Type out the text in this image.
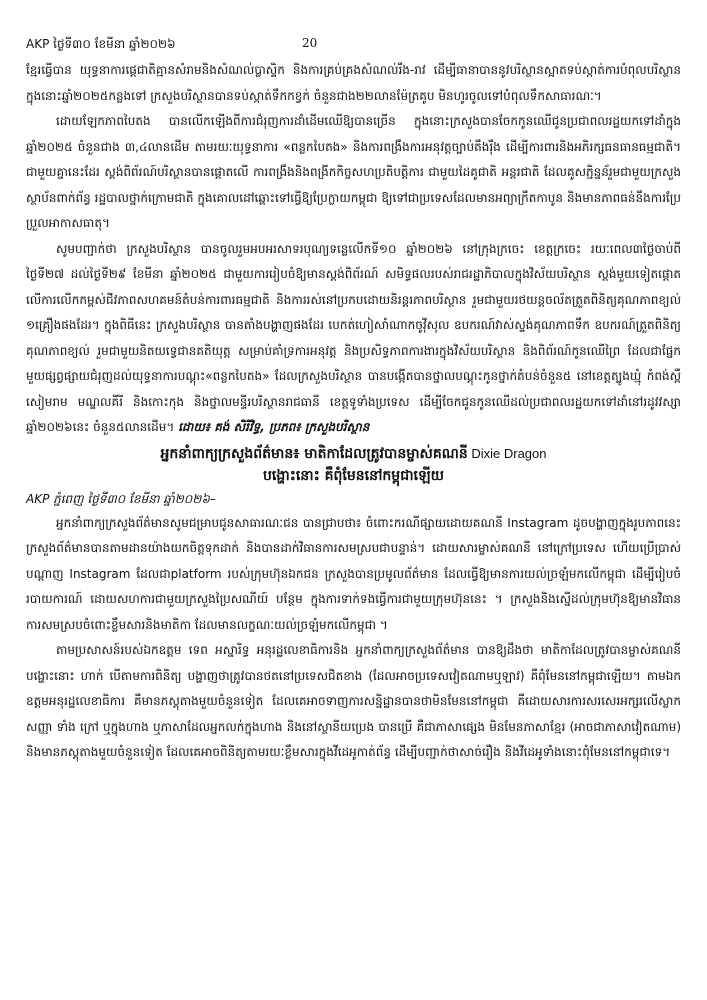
AKP ថ្ងៃទី៣០ ខែមីនា ឆ្នាំ២០២៦	20

ខ្មែរធ្វើបាន យុទ្ធនាការផ្ដេជាតិគ្មានសំរាមនិងសំណល់ប្លាស្ទិក និងការគ្រប់គ្រងសំណល់រឹង-រាវ ដើម្បីធានាបាននូវបរិស្ថានស្អាតទប់ស្កាត់ការបំពុលបរិស្ថាន ក្នុងនោះឆ្នាំ២០២៥កន្លងទៅ ក្រសួងបរិស្ថានបានទប់ស្កាត់ទឹកកខ្វក់ ចំនួនជាង២២លានម៉ែត្រគូប មិនហូរចូលទៅបំពុលទឹកសាធារណៈ។

ដោយឡែកភាពបៃតង បានលើកឡើងពីការជំរុញការដាំដើមឈើឱ្យបានច្រើន ក្នុងនោះក្រសួងបានចែកកូនឈើជូនប្រជាពលរដ្ឋយកទៅដាំក្នុងឆ្នាំ២០២៥ ចំនួនជាង ៣,៤លានដើម តាមរយៈយុទ្ធនាការ «ពន្លកបៃតង» និងការពង្រឹងការអនុវត្តច្បាប់តឹងរ៉ឹង ដើម្បីការពារនិងអភិរក្សធនធានធម្មជាតិ។ ជាមួយគ្នានេះដែរ ស្ដង់ពិព័រណ៍បរិស្ថានបានផ្ដោតលើ ការពង្រឹងនិងពង្រីកកិច្ចសហប្រតិបត្តិការ ជាមួយដៃគូជាតិ អន្តរជាតិ ដែលគូសភ្ជិន្នន័រួមជាមួយក្រសួង ស្ថាប័នពាក់ព័ន្ធ រដ្ឋបាលថ្នាក់ក្រោមជាតិ ក្នុងគោលដៅឆ្ពោះទៅធ្វើឱ្យប្រែក្លាយកម្ពុជា ឱ្យទៅជាប្រទេសដែលមានអព្យាក្រឹតកាបូន និងមានភាពធន់នឹងការប្រែប្រួលអាកាសធាតុ។

សូមបញ្ជាក់ថា ក្រសួងបរិស្ថាន បានចូលរួមអបអរសាទរបុណ្យទន្លេលើកទី១០ ឆ្នាំ២០២៦ នៅក្រុងក្រចេះ ខេត្តក្រចេះ រយៈពេល៣ថ្ងៃចាប់ពីថ្ងៃទី២៧ ដល់ថ្ងៃទី២៩ ខែមីនា ឆ្នាំ២០២៥ ជាមួយការរៀបចំឱ្យមានស្តង់ពិព័រណ៍ សមិទ្ធផលរបស់រាជរដ្ឋាភិបាលក្នុងវិស័យបរិស្ថាន ស្តង់មួយទៀតផ្តោតលើការលើកកម្ពស់ជីវភាពសហគមន៍តំបន់ការពារធម្មជាតិ និងការរស់នៅប្រកបដោយនិរន្តរភាពបរិស្ថាន រួមជាមួយរថយន្តចល័តត្រួតពិនិត្យគុណភាពខ្យល់ ១គ្រឿងផងដែរ។ ក្នុងពិធីនេះ ក្រសួងបរិស្ថាន បានតាំងបង្ហាញផងដែរ បេកត់ហៀសាំណាកចូវ៉ីសុល ឧបករណ៍វាស់ស្ទង់គុណភាពទឹក ឧបករណ៍ត្រួតពិនិត្យគុណភាពខ្យល់ រួមជាមួយនិតយទ្វេជានគតិយុត្ត សម្រាប់គាំទ្រការអនុវត្ត និងប្រសិទ្ធភាពការងារក្នុងវិស័យបរិស្ថាន និងពិព័រណ៍កូនឈើព្រៃ ដែលជាផ្នែកមួយផ្សព្វផ្សាយជំរុញដល់យុទ្ធនាការបណ្ដុះ«ពន្លកបៃតង» ដែលក្រសួងបរិស្ថាន បានបង្កើតបានថ្នាលបណ្ដុះកូនថ្នាក់តំបន់ចំនួន៥ នៅខេត្តត្បូងឃ្មុំ កំពង់ស្ពឺ សៀមរាម មណ្ឌលគីរី និងកោះកុង និងថ្នាលមន្ទីរបរិស្ថានរាជធានី ខេត្តទូទាំងប្រទេស ដើម្បីចែកជូនកូនឈើដល់ប្រជាពលរដ្ឋយកទៅដាំនៅរដូវវស្សាឆ្នាំ២០២៦នេះ ចំនួន៥លានដើម។ ដោយ៖ គង់ សិរីវិទ្ធ, ប្រភព៖ ក្រសួងបរិស្ថាន

អ្នកនាំពាក្យក្រសួងព័ត៌មាន៖ មាតិកាដែលត្រូវបានម្ចាស់គណនី Dixie Dragon
បង្ហោះនោះ គឺពុំមែននៅកម្ពុជាឡើយ
AKP ភ្នំពេញ ថ្ងៃទី៣០ ខែមីនា ឆ្នាំ២០២៦–

អ្នកនាំពាក្យក្រសួងព័ត៌មានសូមជម្រាបជូនសាធារណៈជន បានជ្រាបថា៖ ចំពោះករណីផ្សាយដោយគណនី Instagram ដូចបង្ហាញក្នុងរូបភាពនេះ ក្រសួងព័ត៌មានបានតាមដានយ៉ាងយកចិត្តទុកដាក់ និងបានដាក់វិធានការសមស្របជាបន្ទាន់។ ដោយសារម្ចាស់គណនី នៅក្រៅប្រទេស ហើយប្រើប្រាស់បណ្តាញ Instagram ដែលជាplatform របស់ក្រុមហ៊ុនឯកជន ក្រសួងបានប្រមូលព័ត៌មាន ដែលធ្វើឱ្យមានការយល់ច្រឡំមកលើកម្ពុជា ដើម្បីរៀបចំរបាយការណ៍ ដោយសហការជាមួយក្រសួងប្រៃសណីយ៍ បន្ថែម ក្នុងការទាក់ទងធ្វើការជាមួយក្រុមហ៊ុននេះ ។ ក្រសួងនិងស្នើដល់ក្រុមហ៊ុនឱ្យមានវិធានការសមស្របចំពោះខ្លឹមសារនិងមាតិកា ដែលមានលក្ខណៈយល់ច្រឡំមកលើកម្ពុជា ។

តាមប្រសាសន៍របស់ឯកឧត្តម ទេព អស្នារិទ្ធ អនុរដ្ឋលេខាធិការនិង អ្នកនាំពាក្យក្រសួងព័ត៌មាន បានឱ្យដឹងថា មាតិកាដែលត្រូវបានម្ចាស់គណនីបង្ហោះនោះ ហាក់ បើតាមការពិនិត្យ បង្ហាញថាត្រូវបានថតនៅប្រទេសជិតខាង (ដែលអាចប្រទេសវៀតណាមឬឡាវ) គឺពុំមែននៅកម្ពុជាឡើយ។ តាមឯកឧត្តមអនុរដ្ឋលេខាធិការ គឺមានភស្តុតាងមួយចំនួនទៀត ដែលគេអាចទាញការសន្និដ្ឋានបានថាមិនមែននៅកម្ពុជា គឺដោយសារការសរសេរអក្សរលើស្លាក សញ្ញា ទាំង ក្រៅ ឬក្នុងហាង ឬភាសាដែលអ្នកលក់ក្នុងហាង និងនៅស្ថានីយប្រេង បានប្រើ គឺជាភាសាផ្សេង មិនមែនភាសាខ្មែរ (អាចជាភាសាវៀតណាម) និងមានភស្តុតាងមួយចំនួនទៀត ដែលគេអាចពិនិត្យតាមរយៈខ្លឹមសារក្នុងវីដេអូកាត់ព័ន្ធ ដើម្បីបញ្ជាក់ថាសាច់រឿង និងវីដេអូទាំងនោះពុំមែននៅកម្ពុជាទេ។
